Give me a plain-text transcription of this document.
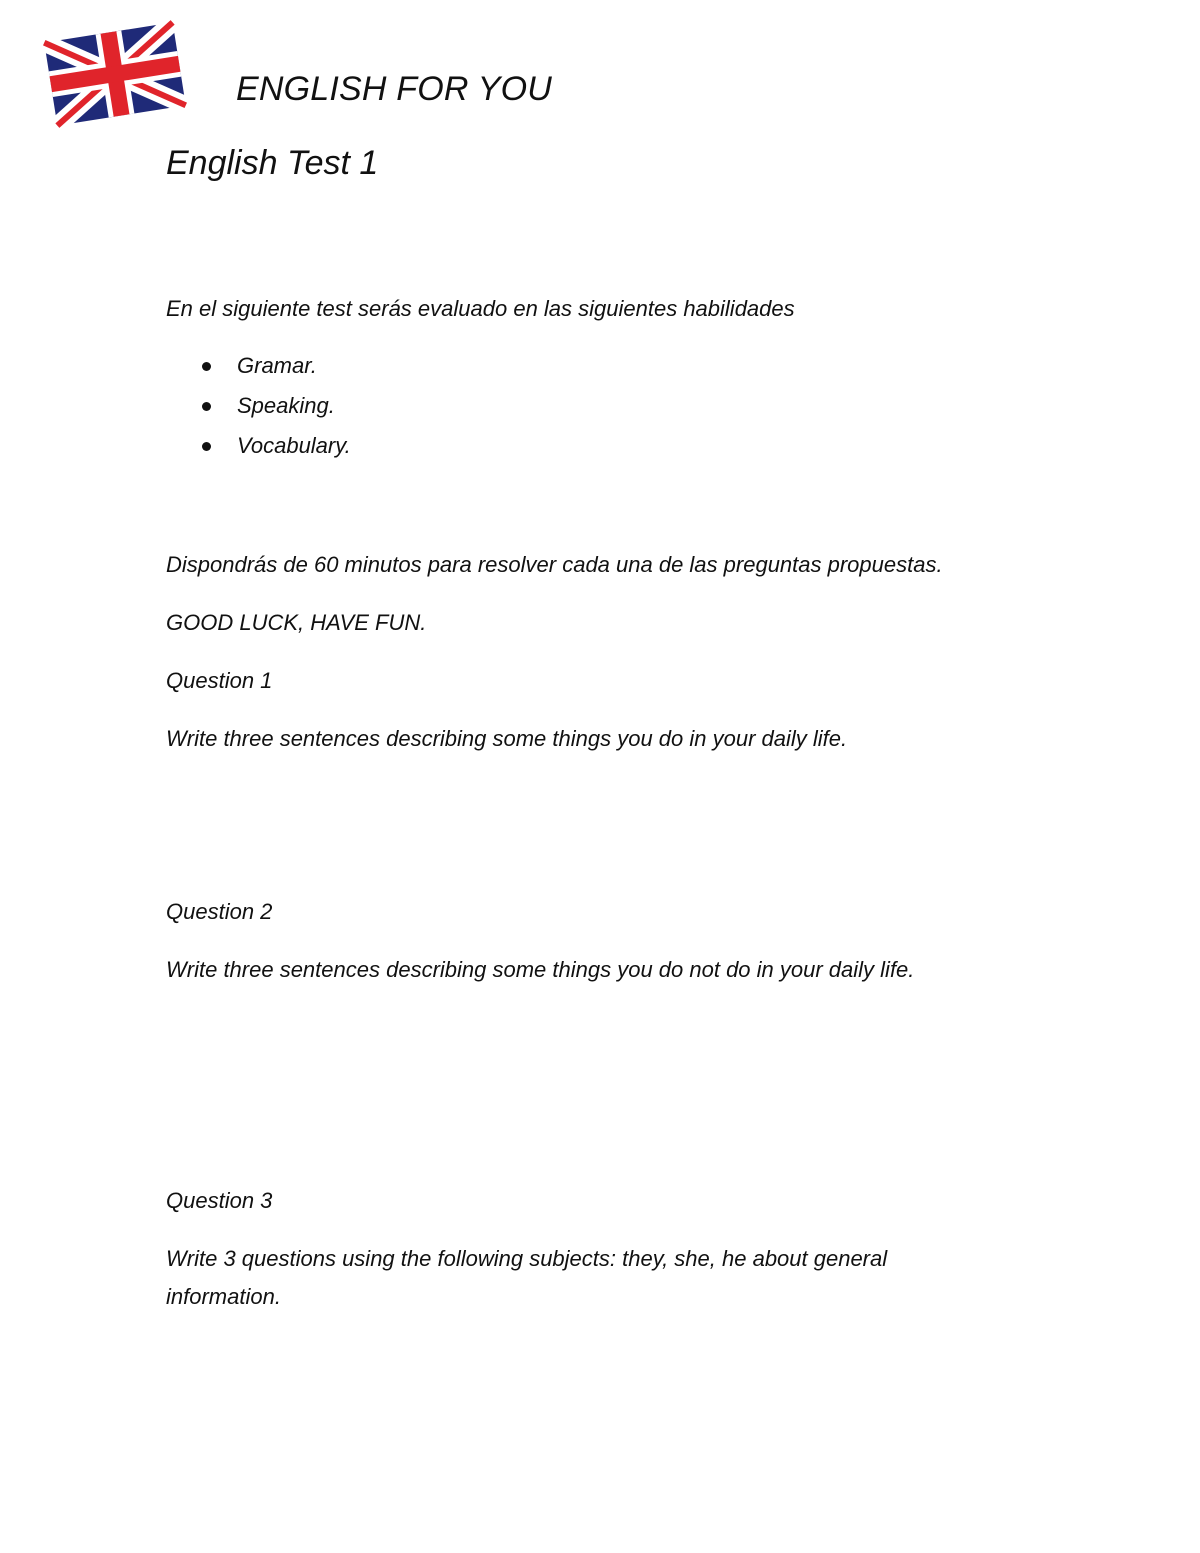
ENGLISH FOR YOU
English Test 1
En el siguiente test serás evaluado en las siguientes habilidades
Gramar.
Speaking.
Vocabulary.
Dispondrás de 60 minutos para resolver cada una de las preguntas propuestas.
GOOD LUCK, HAVE FUN.
Question 1
Write three sentences describing some things you do in your daily life.
Question 2
Write three sentences describing some things you do not do in your daily life.
Question 3
Write 3 questions using the following subjects: they, she, he about general information.
